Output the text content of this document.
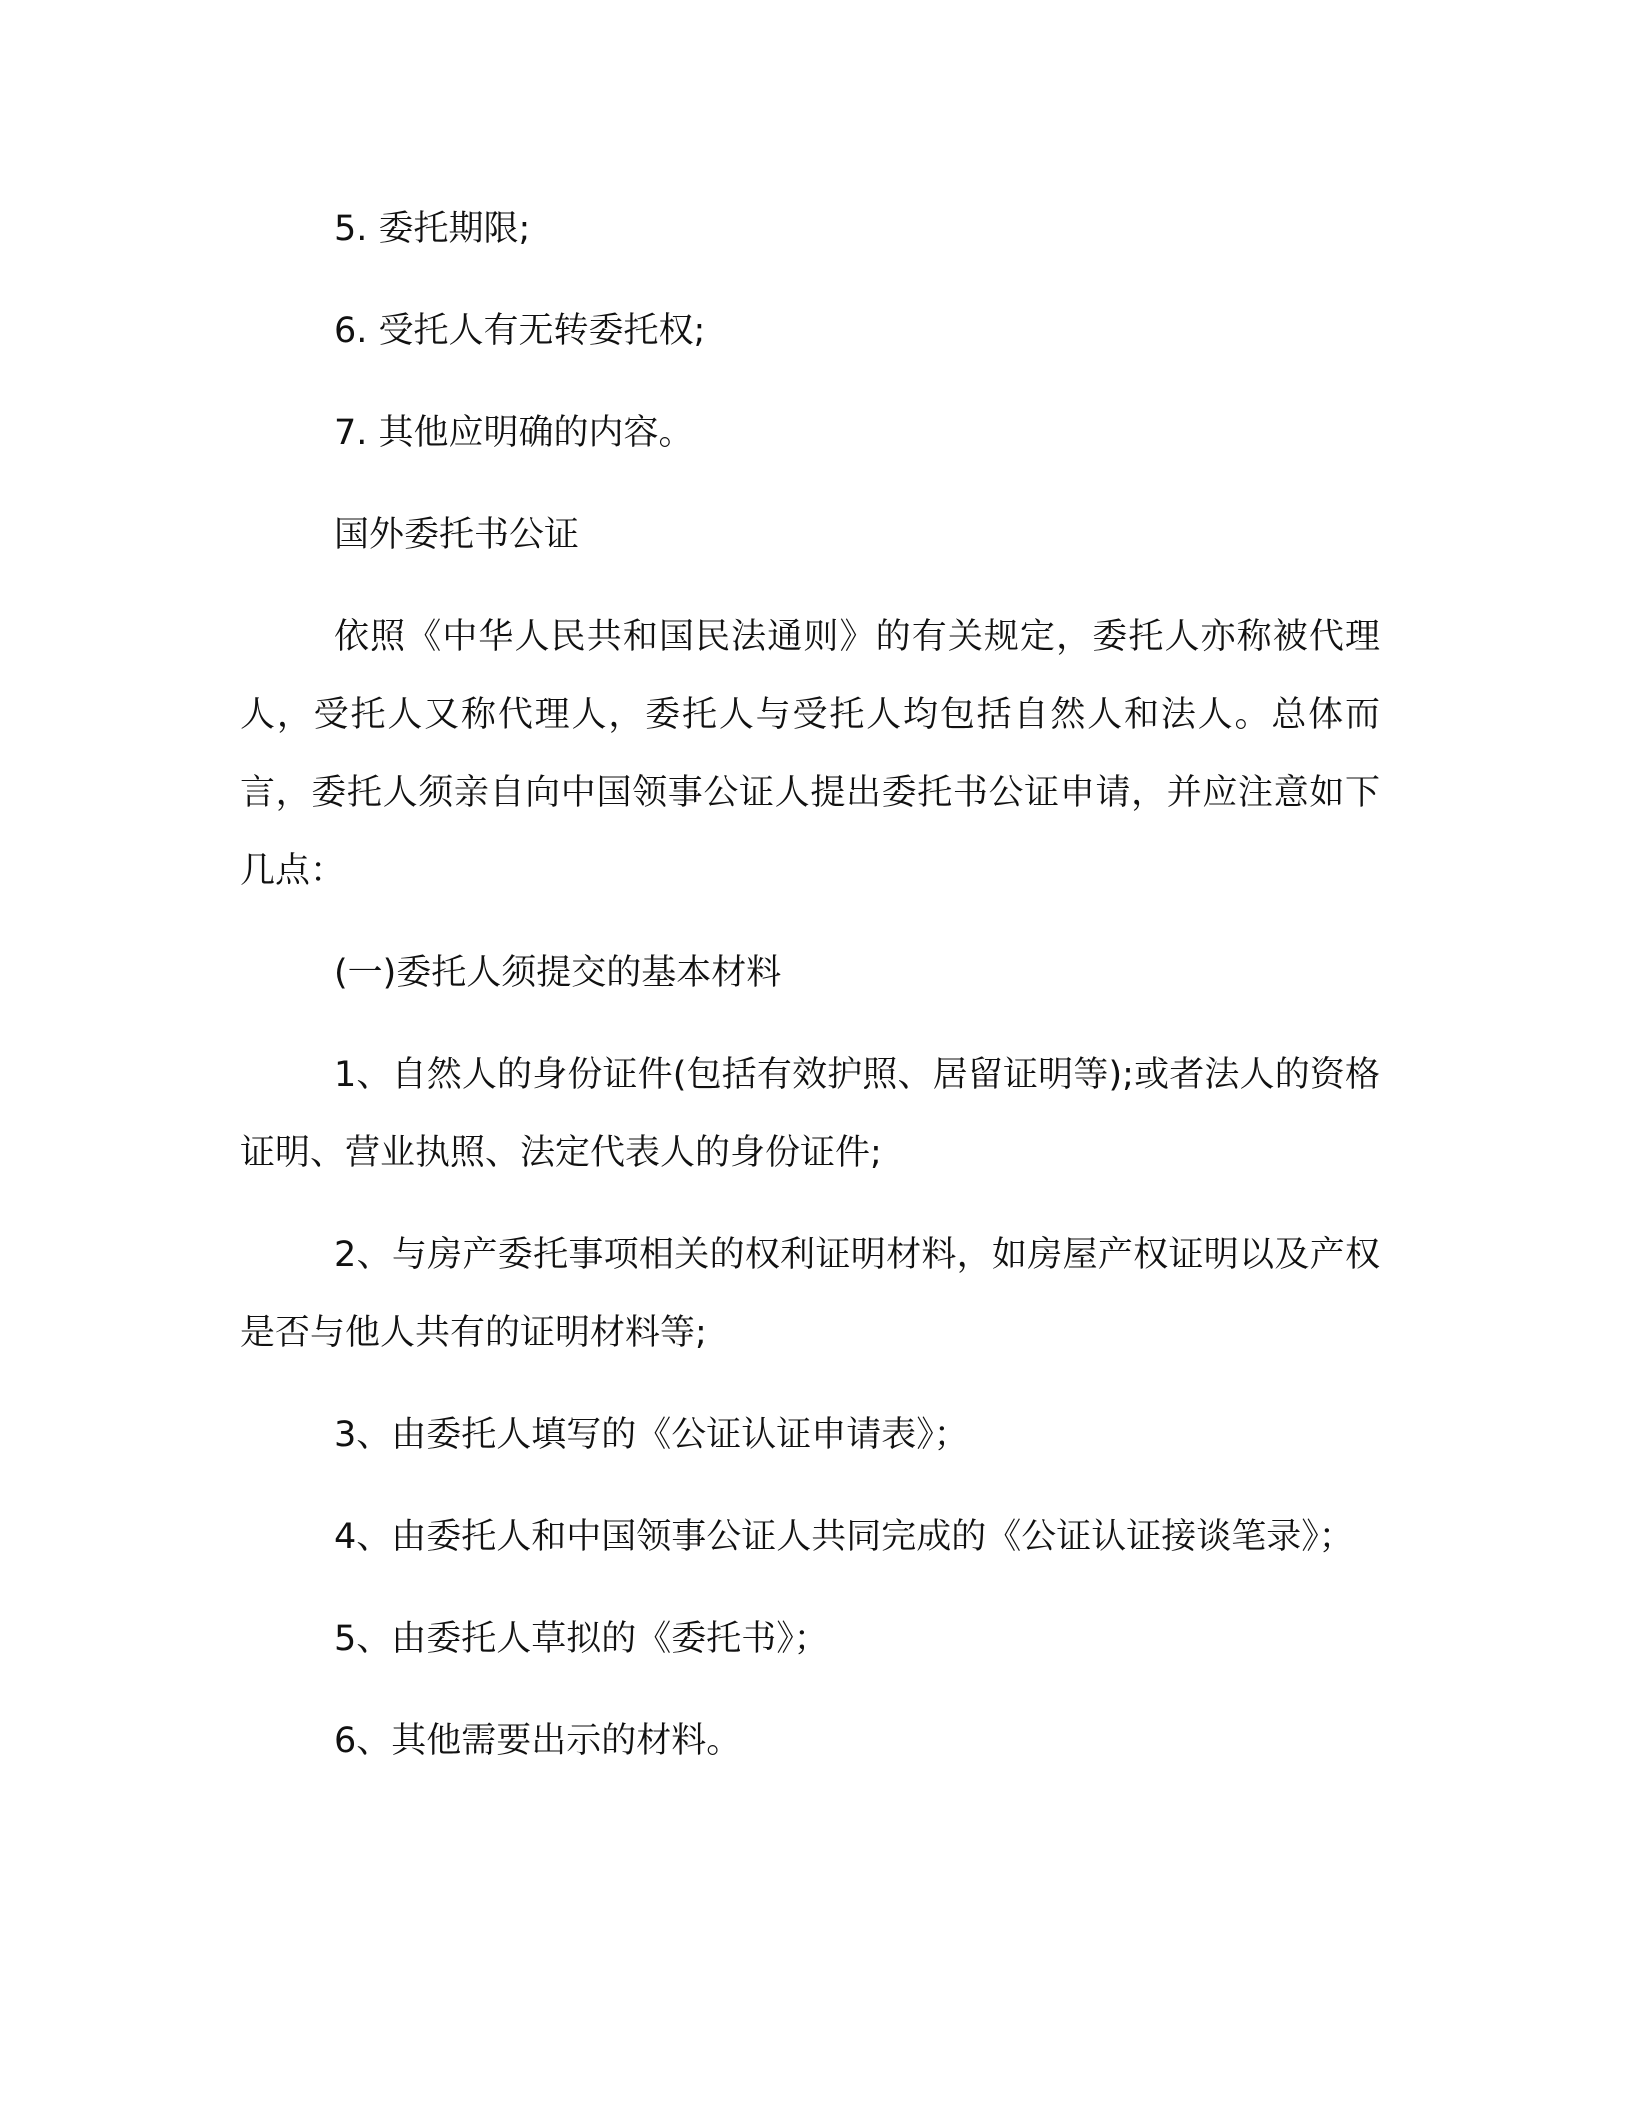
5. 委托期限;

6. 受托人有无转委托权;

7. 其他应明确的内容。

国外委托书公证

依照《中华人民共和国民法通则》的有关规定，委托人亦称被代理人，受托人又称代理人，委托人与受托人均包括自然人和法人。总体而言，委托人须亲自向中国领事公证人提出委托书公证申请，并应注意如下几点：

(一)委托人须提交的基本材料

1、自然人的身份证件(包括有效护照、居留证明等);或者法人的资格证明、营业执照、法定代表人的身份证件;

2、与房产委托事项相关的权利证明材料，如房屋产权证明以及产权是否与他人共有的证明材料等;

3、由委托人填写的《公证认证申请表》；

4、由委托人和中国领事公证人共同完成的《公证认证接谈笔录》；

5、由委托人草拟的《委托书》；

6、其他需要出示的材料。
